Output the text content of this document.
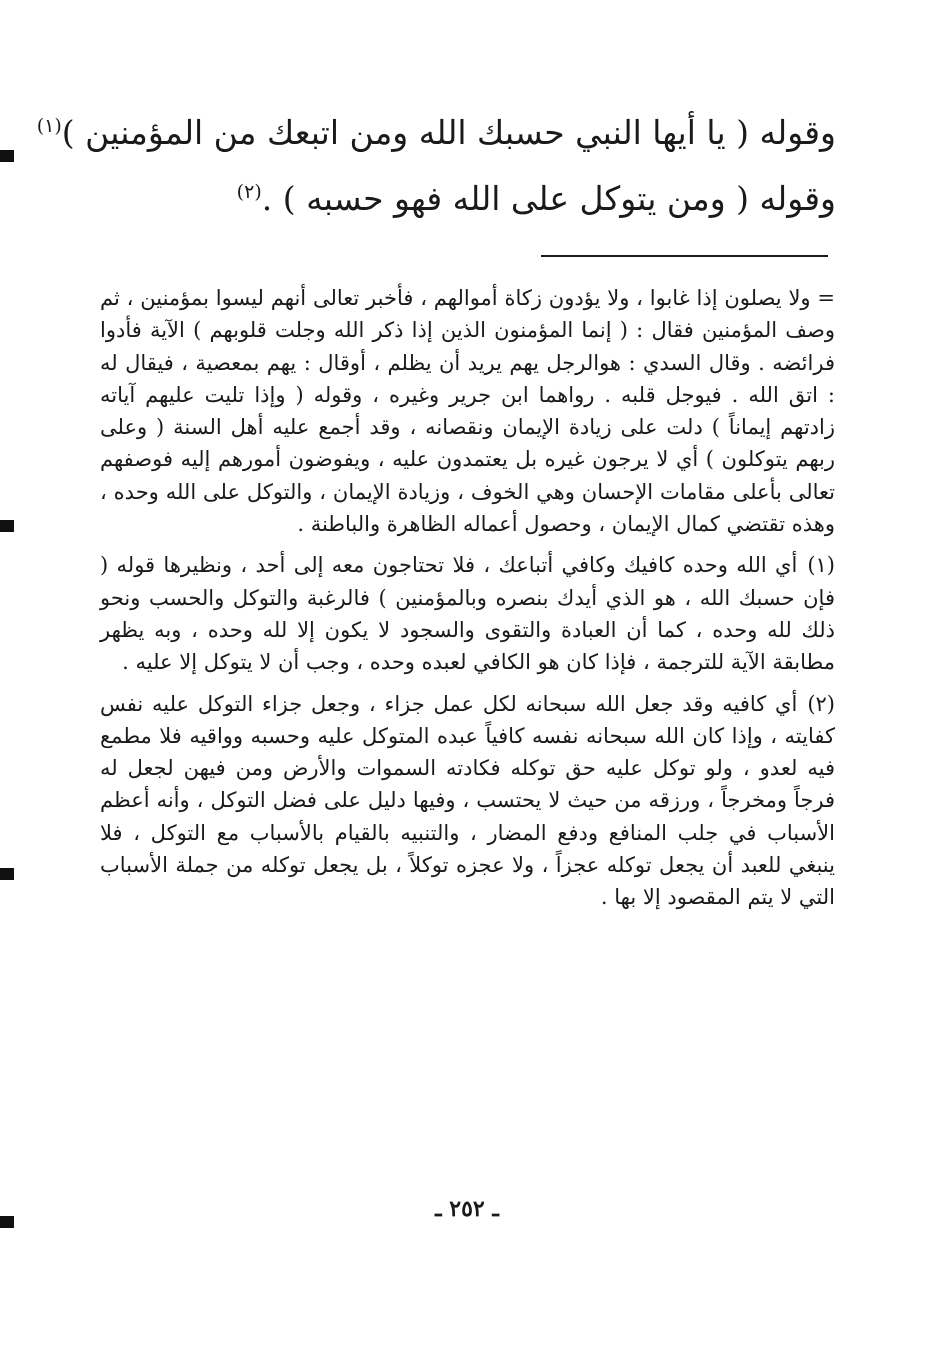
وقوله ( يا أيها النبي حسبك الله ومن اتبعك من المؤمنين )$^{(١)}$
وقوله ( ومن يتوكل على الله فهو حسبه ) .$^{(٢)}$

= ولا يصلون إذا غابوا ، ولا يؤدون زكاة أموالهم ، فأخبر تعالى أنهم ليسوا بمؤمنين ، ثم وصف المؤمنين فقال : ( إنما المؤمنون الذين إذا ذكر الله وجلت قلوبهم ) الآية فأدوا فرائضه . وقال السدي : هوالرجل يهم يريد أن يظلم ، أوقال : يهم بمعصية ، فيقال له : اتق الله . فيوجل قلبه . رواهما ابن جرير وغيره ، وقوله ( وإذا تليت عليهم آياته زادتهم إيماناً ) دلت على زيادة الإيمان ونقصانه ، وقد أجمع عليه أهل السنة ( وعلى ربهم يتوكلون ) أي لا يرجون غيره بل يعتمدون عليه ، ويفوضون أمورهم إليه فوصفهم تعالى بأعلى مقامات الإحسان وهي الخوف ، وزيادة الإيمان ، والتوكل على الله وحده ، وهذه تقتضي كمال الإيمان ، وحصول أعماله الظاهرة والباطنة .

(١)أي الله وحده كافيك وكافي أتباعك ، فلا تحتاجون معه إلى أحد ، ونظيرها قوله ( فإن حسبك الله ، هو الذي أيدك بنصره وبالمؤمنين ) فالرغبة والتوكل والحسب ونحو ذلك لله وحده ، كما أن العبادة والتقوى والسجود لا يكون إلا لله وحده ، وبه يظهر مطابقة الآية للترجمة ، فإذا كان هو الكافي لعبده وحده ، وجب أن لا يتوكل إلا عليه .

(٢)أي كافيه وقد جعل الله سبحانه لكل عمل جزاء ، وجعل جزاء التوكل عليه نفس كفايته ، وإذا كان الله سبحانه نفسه كافياً عبده المتوكل عليه وحسبه وواقيه فلا مطمع فيه لعدو ، ولو توكل عليه حق توكله فكادته السموات والأرض ومن فيهن لجعل له فرجاً ومخرجاً ، ورزقه من حيث لا يحتسب ، وفيها دليل على فضل التوكل ، وأنه أعظم الأسباب في جلب المنافع ودفع المضار ، والتنبيه بالقيام بالأسباب مع التوكل ، فلا ينبغي للعبد أن يجعل توكله عجزاً ، ولا عجزه توكلاً ، بل يجعل توكله من جملة الأسباب التي لا يتم المقصود إلا بها .

ـ ٢٥٢ ـ
